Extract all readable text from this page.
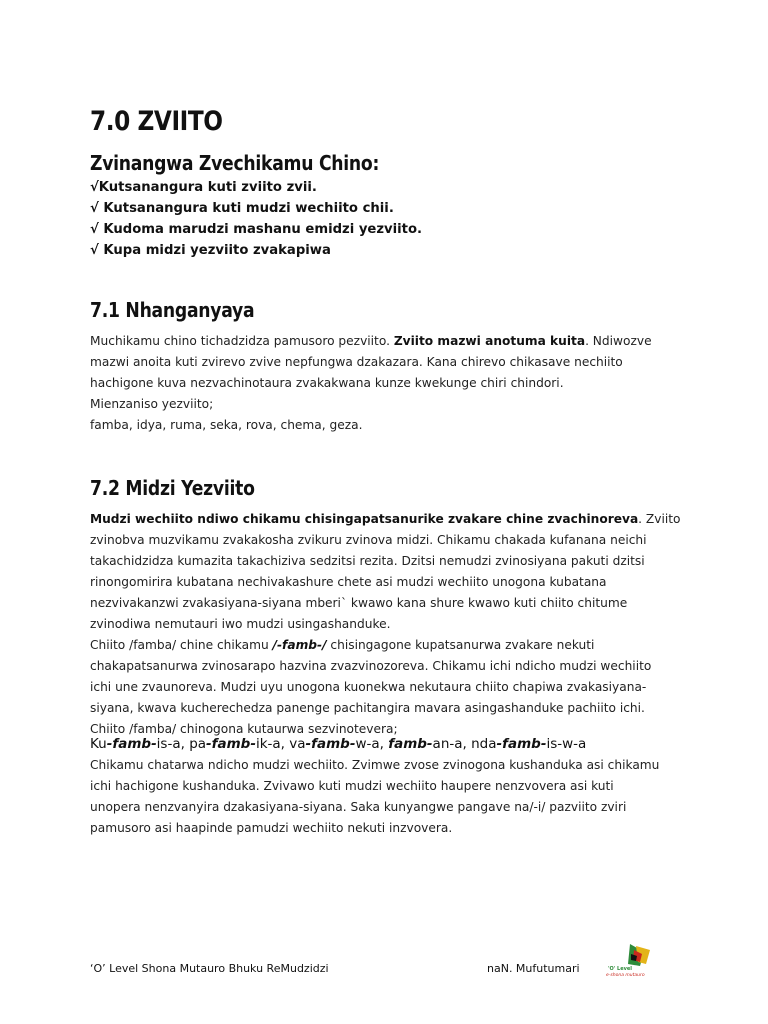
7.0 ZVIITO
Zvinangwa Zvechikamu Chino:
√Kutsanangura kuti zviito zvii.
√ Kutsanangura kuti mudzi wechiito chii.
√ Kudoma marudzi mashanu emidzi yezviito.
√ Kupa midzi yezviito zvakapiwa
7.1 Nhanganyaya
Muchikamu chino tichadzidza pamusoro pezviito. Zviito mazwi anotuma kuita. Ndiwozve
mazwi anoita kuti zvirevo zvive nepfungwa dzakazara. Kana chirevo chikasave nechiito
hachigone kuva nezvachinotaura zvakakwana kunze kwekunge chiri chindori.
Mienzaniso yezviito;
famba, idya, ruma, seka, rova, chema, geza.
7.2 Midzi Yezviito
Mudzi wechiito ndiwo chikamu chisingapatsanurike zvakare chine zvachinoreva. Zviito
zvinobva muzvikamu zvakakosha zvikuru zvinova midzi. Chikamu chakada kufanana neichi
takachidzidza kumazita takachiziva sedzitsi rezita. Dzitsi nemudzi zvinosiyana pakuti dzitsi
rinongomirira kubatana nechivakashure chete asi mudzi wechiito unogona kubatana
nezvivakanzwi zvakasiyana-siyana mberi` kwawo kana shure kwawo kuti chiito chitume
zvinodiwa nemutauri iwo mudzi usingashanduke.
Chiito /famba/ chine chikamu /-famb-/ chisingagone kupatsanurwa zvakare nekuti
chakapatsanurwa zvinosarapo hazvina zvazvinozoreva. Chikamu ichi ndicho mudzi wechiito
ichi une zvaunoreva. Mudzi uyu unogona kuonekwa nekutaura chiito chapiwa zvakasiyana-
siyana, kwava kucherechedza panenge pachitangira mavara asingashanduke pachiito ichi.
Chiito /famba/ chinogona kutaurwa sezvinotevera;

Ku-famb-is-a, pa-famb-ik-a, va-famb-w-a, famb-an-a, nda-famb-is-w-a

Chikamu chatarwa ndicho mudzi wechiito. Zvimwe zvose zvinogona kushanduka asi chikamu
ichi hachigone kushanduka. Zvivawo kuti mudzi wechiito haupere nenzvovera asi kuti
unopera nenzvanyira dzakasiyana-siyana. Saka kunyangwe pangave na/-i/ pazviito zviri
pamusoro asi haapinde pamudzi wechiito nekuti inzvovera.

‘O’ Level Shona Mutauro Bhuku ReMudzidzi	naN. Mufutumari	'O' Level
e-shona mutauro
